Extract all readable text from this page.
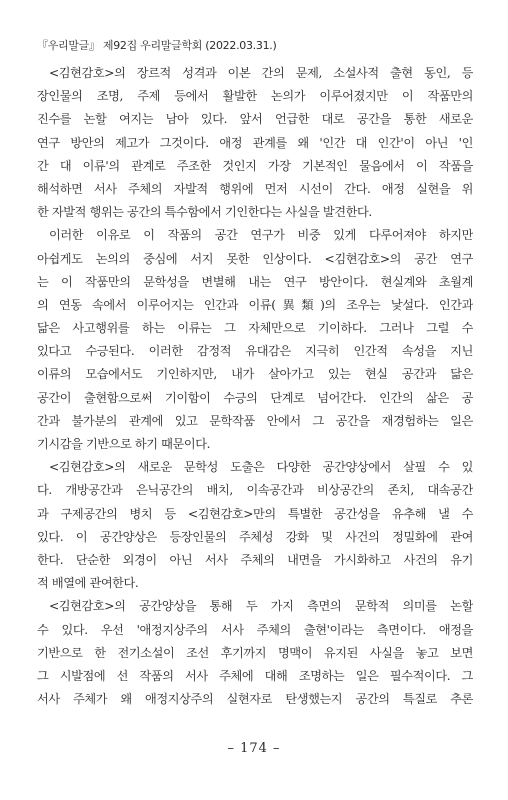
『우리말글』 제92집 우리말글학회 (2022.03.31.)
<김현감호>의 장르적 성격과 이본 간의 문제, 소설사적 출현 동인, 등
장인물의 조명, 주제 등에서 활발한 논의가 이루어졌지만 이 작품만의
진수를 논할 여지는 남아 있다. 앞서 언급한 대로 공간을 통한 새로운
연구 방안의 제고가 그것이다. 애정 관계를 왜 '인간 대 인간'이 아닌 '인
간 대 이류'의 관계로 주조한 것인지 가장 기본적인 물음에서 이 작품을
해석하면 서사 주체의 자발적 행위에 먼저 시선이 간다. 애정 실현을 위
한 자발적 행위는 공간의 특수함에서 기인한다는 사실을 발견한다.
이러한 이유로 이 작품의 공간 연구가 비중 있게 다루어져야 하지만
아쉽게도 논의의 중심에 서지 못한 인상이다. <김현감호>의 공간 연구
는 이 작품만의 문학성을 변별해 내는 연구 방안이다. 현실계와 초월계
의 연동 속에서 이루어지는 인간과 이류(異類)의 조우는 낯설다. 인간과
닮은 사고행위를 하는 이류는 그 자체만으로 기이하다. 그러나 그럴 수
있다고 수긍된다. 이러한 감정적 유대감은 지극히 인간적 속성을 지닌
이류의 모습에서도 기인하지만, 내가 살아가고 있는 현실 공간과 닮은
공간이 출현함으로써 기이함이 수긍의 단계로 넘어간다. 인간의 삶은 공
간과 불가분의 관계에 있고 문학작품 안에서 그 공간을 재경험하는 일은
기시감을 기반으로 하기 때문이다.
<김현감호>의 새로운 문학성 도출은 다양한 공간양상에서 살필 수 있
다. 개방공간과 은닉공간의 배치, 이속공간과 비상공간의 존치, 대속공간
과 구제공간의 병치 등 <김현감호>만의 특별한 공간성을 유추해 낼 수
있다. 이 공간양상은 등장인물의 주체성 강화 및 사건의 정밀화에 관여
한다. 단순한 외경이 아닌 서사 주체의 내면을 가시화하고 사건의 유기
적 배열에 관여한다.
<김현감호>의 공간양상을 통해 두 가지 측면의 문학적 의미를 논할
수 있다. 우선 '애정지상주의 서사 주체의 출현'이라는 측면이다. 애정을
기반으로 한 전기소설이 조선 후기까지 명맥이 유지된 사실을 놓고 보면
그 시발점에 선 작품의 서사 주체에 대해 조명하는 일은 필수적이다. 그
서사 주체가 왜 애정지상주의 실현자로 탄생했는지 공간의 특질로 추론
– 174 –
